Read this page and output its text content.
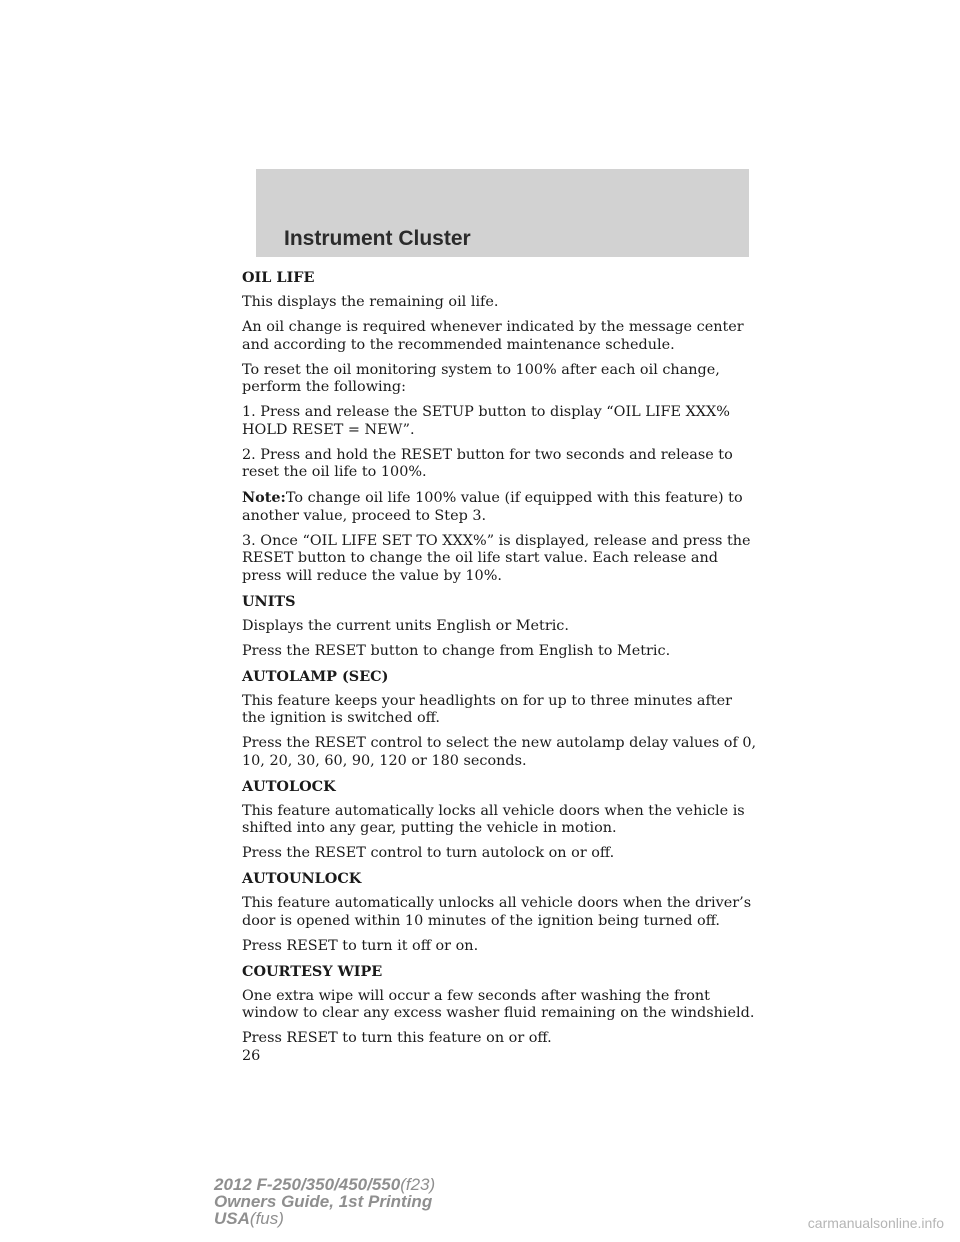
Instrument Cluster
OIL LIFE

This displays the remaining oil life.

An oil change is required whenever indicated by the message center and according to the recommended maintenance schedule.

To reset the oil monitoring system to 100% after each oil change, perform the following:

1. Press and release the SETUP button to display “OIL LIFE XXX% HOLD RESET = NEW”.

2. Press and hold the RESET button for two seconds and release to reset the oil life to 100%.

Note:To change oil life 100% value (if equipped with this feature) to another value, proceed to Step 3.

3. Once “OIL LIFE SET TO XXX%” is displayed, release and press the RESET button to change the oil life start value. Each release and press will reduce the value by 10%.

UNITS

Displays the current units English or Metric.

Press the RESET button to change from English to Metric.

AUTOLAMP (SEC)

This feature keeps your headlights on for up to three minutes after the ignition is switched off.

Press the RESET control to select the new autolamp delay values of 0, 10, 20, 30, 60, 90, 120 or 180 seconds.

AUTOLOCK

This feature automatically locks all vehicle doors when the vehicle is shifted into any gear, putting the vehicle in motion.

Press the RESET control to turn autolock on or off.

AUTOUNLOCK

This feature automatically unlocks all vehicle doors when the driver’s door is opened within 10 minutes of the ignition being turned off.

Press RESET to turn it off or on.

COURTESY WIPE

One extra wipe will occur a few seconds after washing the front window to clear any excess washer fluid remaining on the windshield.

Press RESET to turn this feature on or off.

26

2012 F-250/350/450/550(f23)
Owners Guide, 1st Printing
USA(fus)	carmanualsonline.info
